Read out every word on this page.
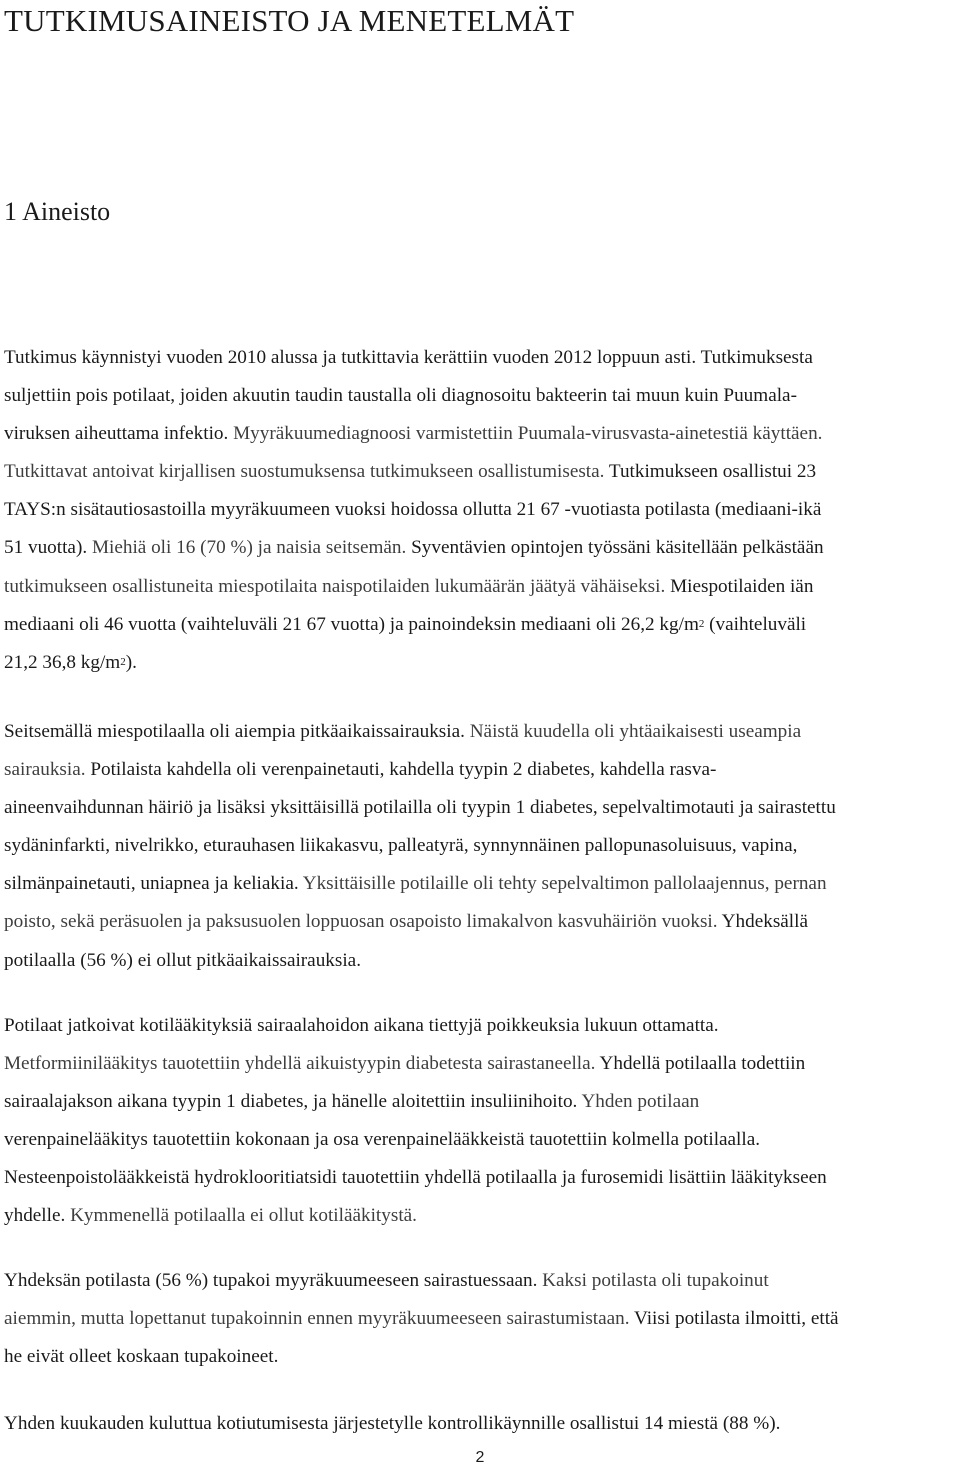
TUTKIMUSAINEISTO JA MENETELMÄT
1 Aineisto
Tutkimus käynnistyi vuoden 2010 alussa ja tutkittavia kerättiin vuoden 2012 loppuun asti. Tutkimuksesta
suljettiin pois potilaat, joiden akuutin taudin taustalla oli diagnosoitu bakteerin tai muun kuin Puumala-
viruksen aiheuttama infektio. Myyräkuumediagnoosi varmistettiin Puumala-virusvasta-ainetestiä käyttäen.
Tutkittavat antoivat kirjallisen suostumuksensa tutkimukseen osallistumisesta. Tutkimukseen osallistui 23
TAYS:n sisätautiosastoilla myyräkuumeen vuoksi hoidossa ollutta 21 67 -vuotiasta potilasta (mediaani-ikä
51 vuotta). Miehiä oli 16 (70 %) ja naisia seitsemän. Syventävien opintojen työssäni käsitellään pelkästään
tutkimukseen osallistuneita miespotilaita naispotilaiden lukumäärän jäätyä vähäiseksi. Miespotilaiden iän
mediaani oli 46 vuotta (vaihteluväli 21 67 vuotta) ja painoindeksin mediaani oli 26,2 $kg/m^2$ (vaihteluväli
21,2 36,8 $kg/m^2$).
Seitsemällä miespotilaalla oli aiempia pitkäaikaissairauksia. Näistä kuudella oli yhtäaikaisesti useampia
sairauksia. Potilaista kahdella oli verenpainetauti, kahdella tyypin 2 diabetes, kahdella rasva-
aineenvaihdunnan häiriö ja lisäksi yksittäisillä potilailla oli tyypin 1 diabetes, sepelvaltimotauti ja sairastettu
sydäninfarkti, nivelrikko, eturauhasen liikakasvu, palleatyrä, synnynnäinen pallopunasoluisuus, vapina,
silmänpainetauti, uniapnea ja keliakia. Yksittäisille potilaille oli tehty sepelvaltimon pallolaajennus, pernan
poisto, sekä peräsuolen ja paksusuolen loppuosan osapoisto limakalvon kasvuhäiriön vuoksi. Yhdeksällä
potilaalla (56 %) ei ollut pitkäaikaissairauksia.
Potilaat jatkoivat kotilääkityksiä sairaalahoidon aikana tiettyjä poikkeuksia lukuun ottamatta.
Metformiinilääkitys tauotettiin yhdellä aikuistyypin diabetesta sairastaneella. Yhdellä potilaalla todettiin
sairaalajakson aikana tyypin 1 diabetes, ja hänelle aloitettiin insuliinihoito. Yhden potilaan
verenpainelääkitys tauotettiin kokonaan ja osa verenpainelääkkeistä tauotettiin kolmella potilaalla.
Nesteenpoistolääkkeistä hydroklooritiatsidi tauotettiin yhdellä potilaalla ja furosemidi lisättiin lääkitykseen
yhdelle. Kymmenellä potilaalla ei ollut kotilääkitystä.
Yhdeksän potilasta (56 %) tupakoi myyräkuumeeseen sairastuessaan. Kaksi potilasta oli tupakoinut
aiemmin, mutta lopettanut tupakoinnin ennen myyräkuumeeseen sairastumistaan. Viisi potilasta ilmoitti, että
he eivät olleet koskaan tupakoineet.
Yhden kuukauden kuluttua kotiutumisesta järjestetylle kontrollikäynnille osallistui 14 miestä (88 %).
2
